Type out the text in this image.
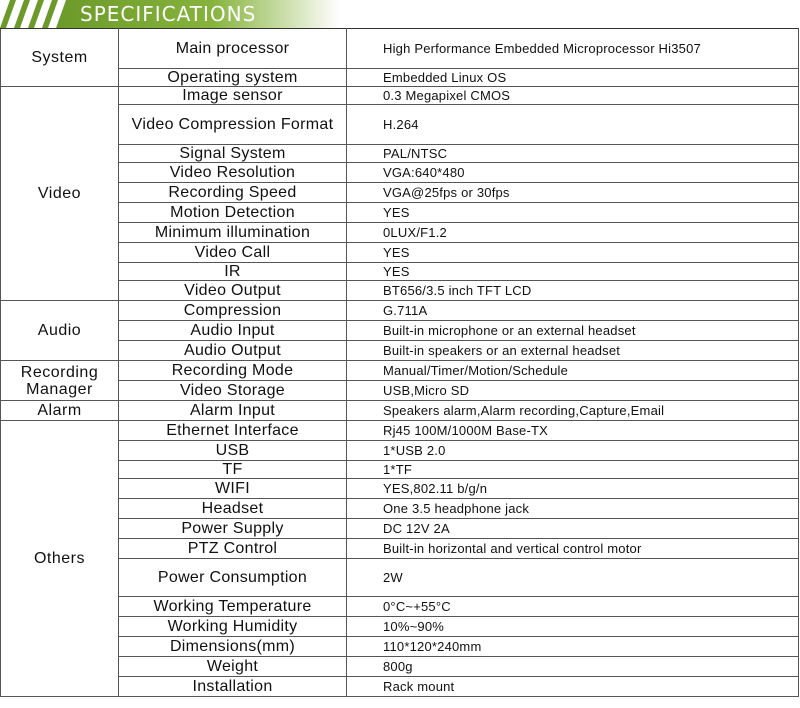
SPECIFICATIONS
System	Main processor	High Performance Embedded Microprocessor Hi3507
	Operating system	Embedded Linux OS
Video	Image sensor	0.3 Megapixel CMOS
	Video Compression Format	H.264
	Signal System	PAL/NTSC
	Video Resolution	VGA:640*480
	Recording Speed	VGA@25fps or 30fps
	Motion Detection	YES
	Minimum illumination	0LUX/F1.2
	Video Call	YES
	IR	YES
	Video Output	BT656/3.5 inch TFT LCD
Audio	Compression	G.711A
	Audio Input	Built-in microphone or an external headset
	Audio Output	Built-in speakers or an external headset
Recording Manager	Recording Mode	Manual/Timer/Motion/Schedule
	Video Storage	USB,Micro SD
Alarm	Alarm Input	Speakers alarm,Alarm recording,Capture,Email
Others	Ethernet Interface	Rj45 100M/1000M Base-TX
	USB	1*USB 2.0
	TF	1*TF
	WIFI	YES,802.11 b/g/n
	Headset	One 3.5 headphone jack
	Power Supply	DC 12V 2A
	PTZ Control	Built-in horizontal and vertical control motor
	Power Consumption	2W
	Working Temperature	0°C~+55°C
	Working Humidity	10%~90%
	Dimensions(mm)	110*120*240mm
	Weight	800g
	Installation	Rack mount
